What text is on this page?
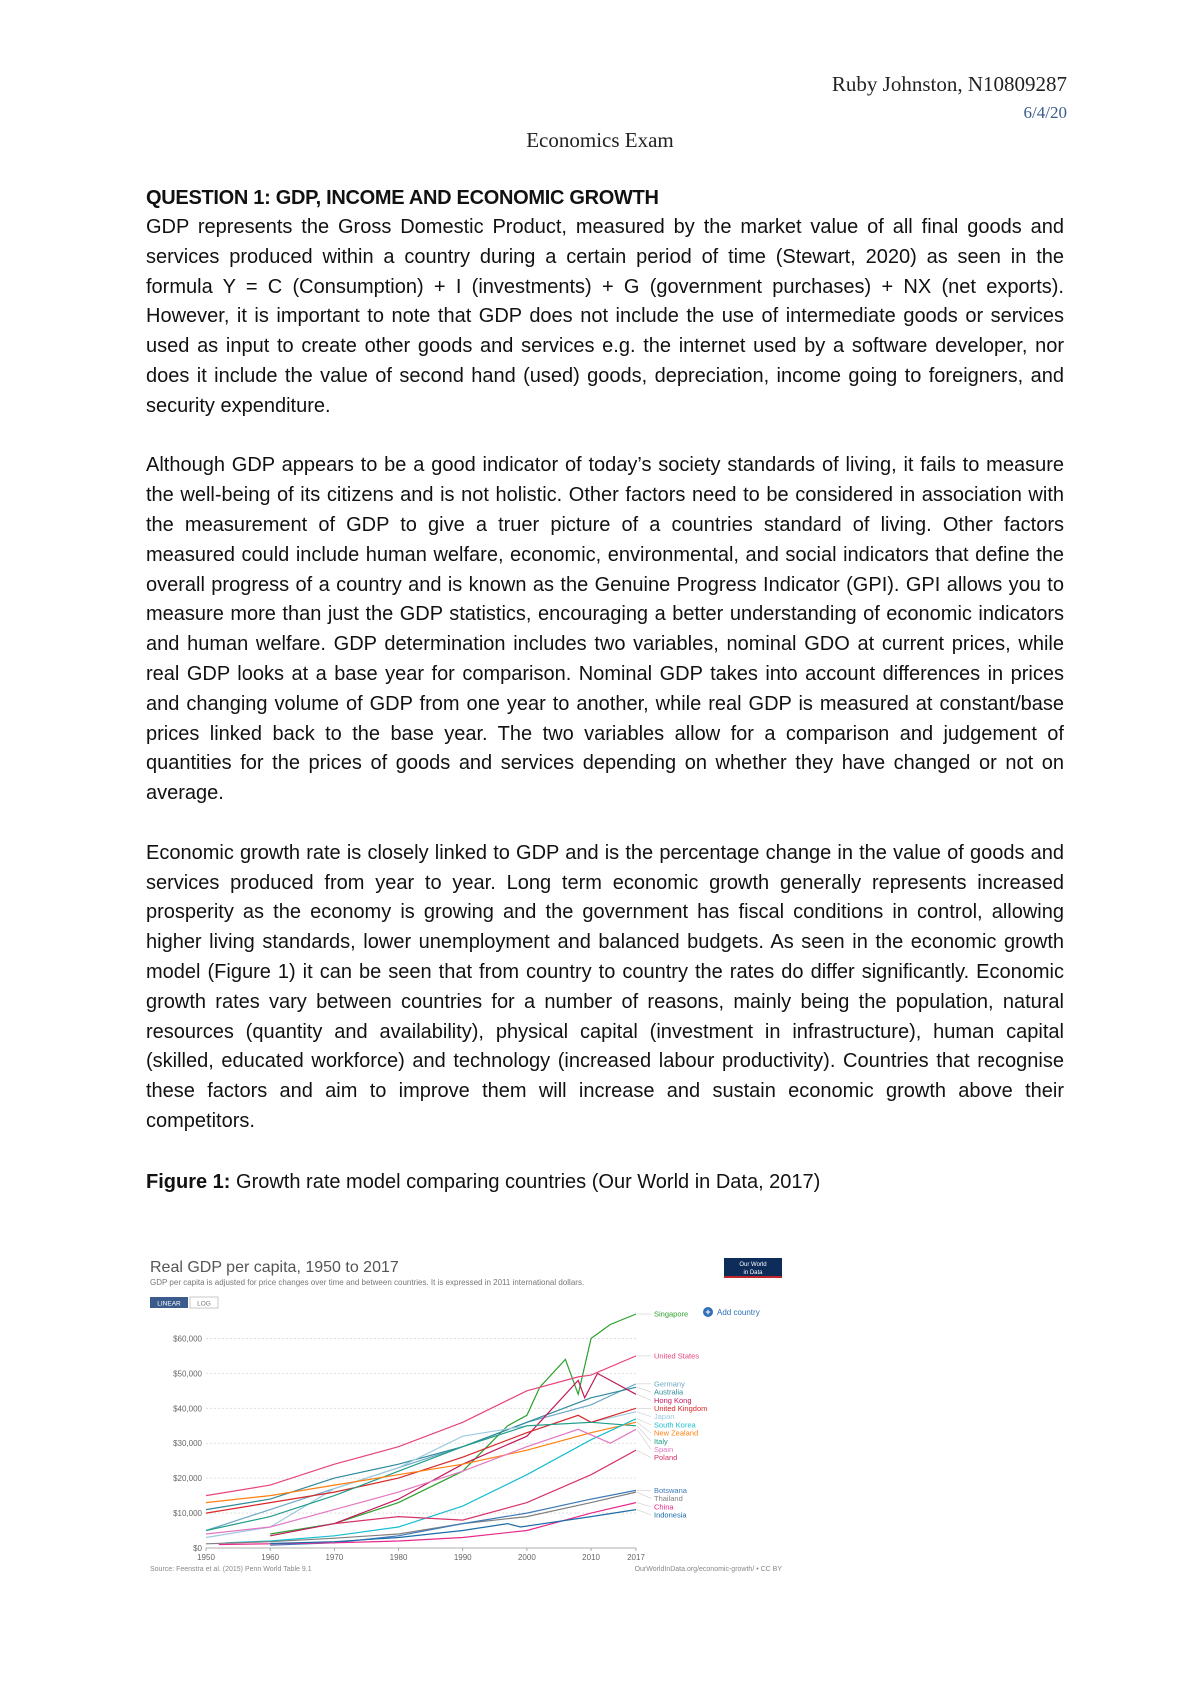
Ruby Johnston, N10809287
6/4/20
Economics Exam

QUESTION 1: GDP, INCOME AND ECONOMIC GROWTH

GDP represents the Gross Domestic Product, measured by the market value of all final goods and services produced within a country during a certain period of time (Stewart, 2020) as seen in the formula Y = C (Consumption) + I (investments) + G (government purchases) + NX (net exports). However, it is important to note that GDP does not include the use of intermediate goods or services used as input to create other goods and services e.g. the internet used by a software developer, nor does it include the value of second hand (used) goods, depreciation, income going to foreigners, and security expenditure.

Although GDP appears to be a good indicator of today’s society standards of living, it fails to measure the well-being of its citizens and is not holistic. Other factors need to be considered in association with the measurement of GDP to give a truer picture of a countries standard of living. Other factors measured could include human welfare, economic, environmental, and social indicators that define the overall progress of a country and is known as the Genuine Progress Indicator (GPI). GPI allows you to measure more than just the GDP statistics, encouraging a better understanding of economic indicators and human welfare. GDP determination includes two variables, nominal GDO at current prices, while real GDP looks at a base year for comparison. Nominal GDP takes into account differences in prices and changing volume of GDP from one year to another, while real GDP is measured at constant/base prices linked back to the base year. The two variables allow for a comparison and judgement of quantities for the prices of goods and services depending on whether they have changed or not on average.

Economic growth rate is closely linked to GDP and is the percentage change in the value of goods and services produced from year to year. Long term economic growth generally represents increased prosperity as the economy is growing and the government has fiscal conditions in control, allowing higher living standards, lower unemployment and balanced budgets. As seen in the economic growth model (Figure 1) it can be seen that from country to country the rates do differ significantly. Economic growth rates vary between countries for a number of reasons, mainly being the population, natural resources (quantity and availability), physical capital (investment in infrastructure), human capital (skilled, educated workforce) and technology (increased labour productivity). Countries that recognise these factors and aim to improve them will increase and sustain economic growth above their competitors.

Figure 1: Growth rate model comparing countries (Our World in Data, 2017)

Real GDP per capita, 1950 to 2017
GDP per capita is adjusted for price changes over time and between countries. It is expressed in 2011 international dollars.
Our World
in Data
LINEAR	LOG
+ Add country
$0
$10,000
$20,000
$30,000
$40,000
$50,000
$60,000
1950	1960	1970	1980	1990	2000	2010	2017
Singapore
United States
Germany
Australia
Hong Kong
United Kingdom
Japan
South Korea
New Zealand
Italy
Spain
Poland
Botswana
Thailand
China
Indonesia
Source: Feenstra et al. (2015) Penn World Table 9.1	OurWorldInData.org/economic-growth/ • CC BY
